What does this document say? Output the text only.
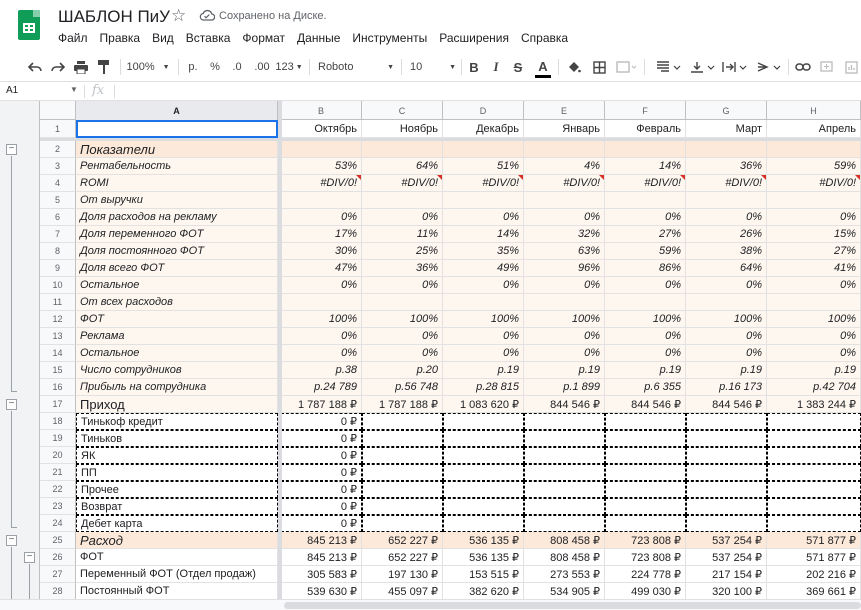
ШАБЛОН ПиУ ☆	Сохранено на Диске.
Файл Правка Вид Вставка Формат Данные Инструменты Расширения Справка
100% ▼ р. %	.0	.00 123 ▼ Roboto	▼ 10	▼ B	I	S A
A1	▼ fx
−
−
−
−
A	B	C	D	E	F	G	H
1	Октябрь	Ноябрь	Декабрь	Январь	Февраль	Март	Апрель
2	Показатели
3	Рентабельность	53%	64%	51%	4%	14%	36%	59%
4	ROMI	#DIV/0!	#DIV/0!	#DIV/0!	#DIV/0!	#DIV/0!	#DIV/0!	#DIV/0!
5	От выручки
6	Доля расходов на рекламу	0%	0%	0%	0%	0%	0%	0%
7	Доля переменного ФОТ	17%	11%	14%	32%	27%	26%	15%
8	Доля постоянного ФОТ	30%	25%	35%	63%	59%	38%	27%
9	Доля всего ФОТ	47%	36%	49%	96%	86%	64%	41%
10	Остальное	0%	0%	0%	0%	0%	0%	0%
11	От всех расходов
12	ФОТ	100%	100%	100%	100%	100%	100%	100%
13	Реклама	0%	0%	0%	0%	0%	0%	0%
14	Остальное	0%	0%	0%	0%	0%	0%	0%
15	Число сотрудников	р.38	р.20	р.19	р.19	р.19	р.19	р.19
16	Прибыль на сотрудника	р.24 789	р.56 748	р.28 815	р.1 899	р.6 355	р.16 173	р.42 704
17	Приход	1 787 188 ₽	1 787 188 ₽	1 083 620 ₽	844 546 ₽	844 546 ₽	844 546 ₽	1 383 244 ₽
18	Тинькоф кредит	0 ₽
19	Тиньков	0 ₽
20	ЯК	0 ₽
21	ПП	0 ₽
22	Прочее	0 ₽
23	Возврат	0 ₽
24	Дебет карта	0 ₽
25	Расход	845 213 ₽	652 227 ₽	536 135 ₽	808 458 ₽	723 808 ₽	537 254 ₽	571 877 ₽
26	ФОТ	845 213 ₽	652 227 ₽	536 135 ₽	808 458 ₽	723 808 ₽	537 254 ₽	571 877 ₽
27	Переменный ФОТ (Отдел продаж)	305 583 ₽	197 130 ₽	153 515 ₽	273 553 ₽	224 778 ₽	217 154 ₽	202 216 ₽
28	Постоянный ФОТ	539 630 ₽	455 097 ₽	382 620 ₽	534 905 ₽	499 030 ₽	320 100 ₽	369 661 ₽
